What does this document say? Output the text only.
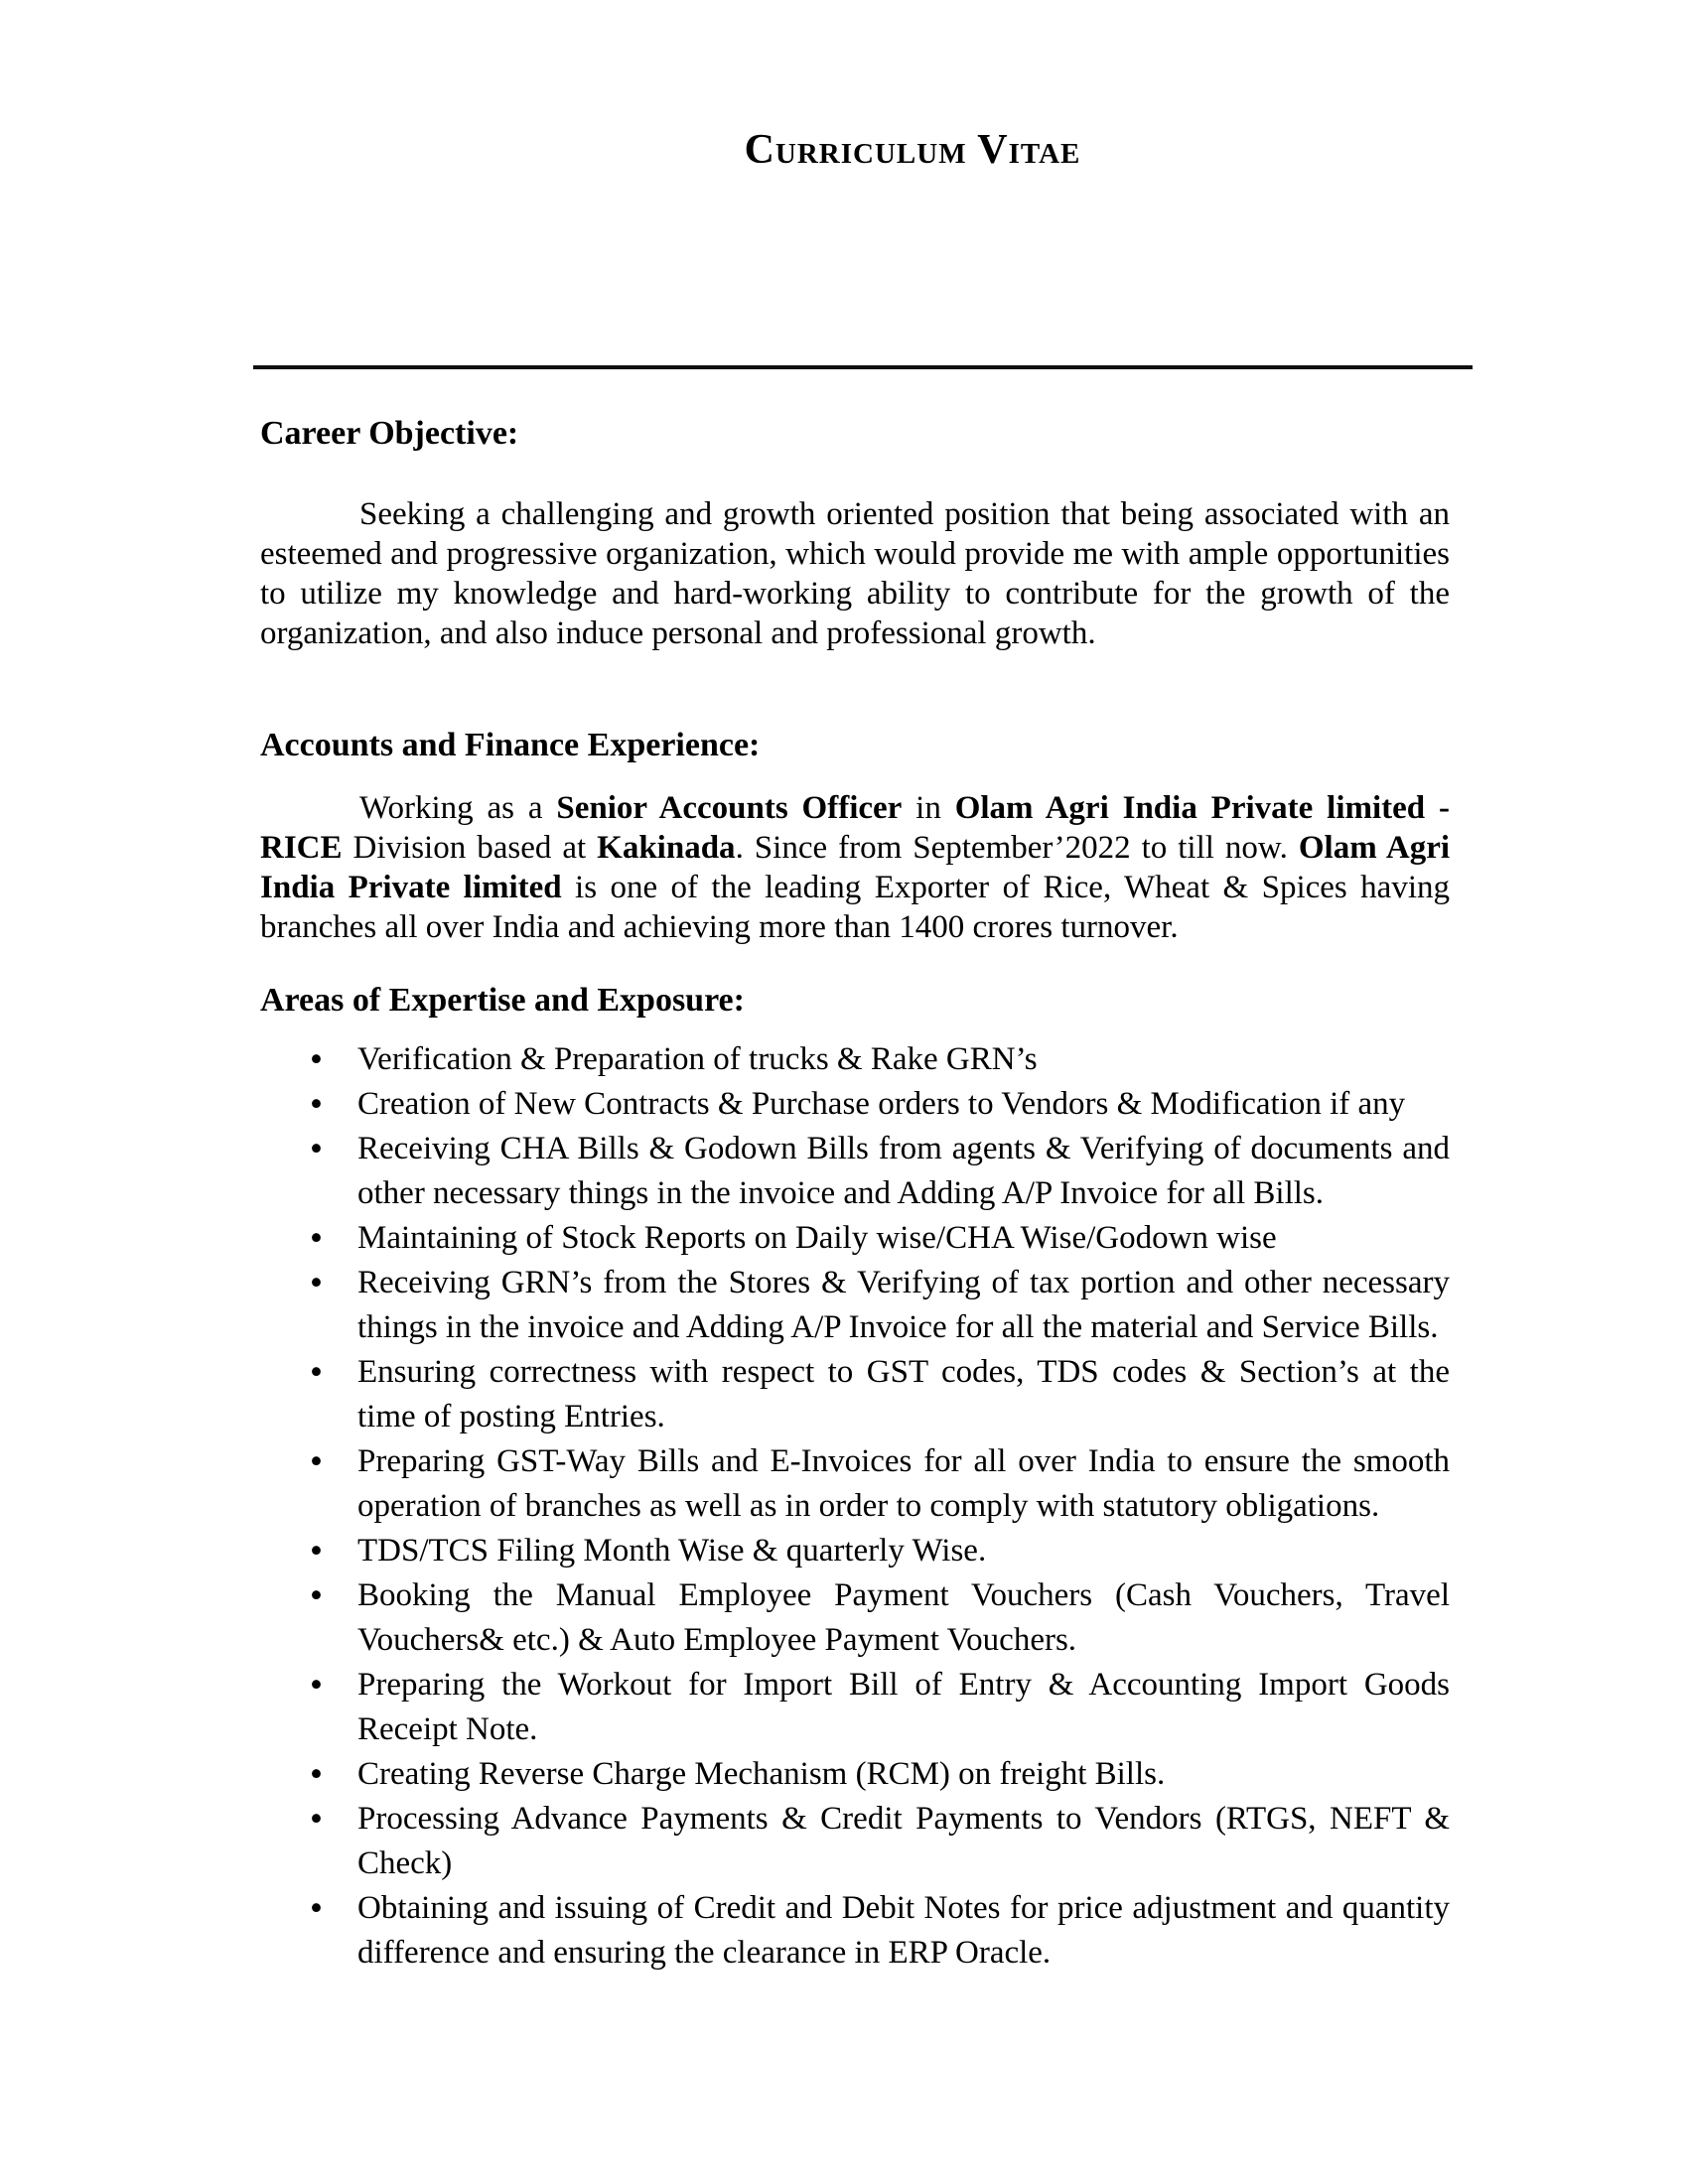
Curriculum Vitae
Career Objective:

Seeking a challenging and growth oriented position that being associated with an esteemed and progressive organization, which would provide me with ample opportunities to utilize my knowledge and hard-working ability to contribute for the growth of the organization, and also induce personal and professional growth.

Accounts and Finance Experience:

Working as a Senior Accounts Officer in Olam Agri India Private limited - RICE Division based at Kakinada. Since from September’2022 to till now. Olam Agri India Private limited is one of the leading Exporter of Rice, Wheat & Spices having branches all over India and achieving more than 1400 crores turnover.

Areas of Expertise and Exposure:
• Verification & Preparation of trucks & Rake GRN’s
• Creation of New Contracts & Purchase orders to Vendors & Modification if any
• Receiving CHA Bills & Godown Bills from agents & Verifying of documents and other necessary things in the invoice and Adding A/P Invoice for all Bills.
• Maintaining of Stock Reports on Daily wise/CHA Wise/Godown wise
• Receiving GRN’s from the Stores & Verifying of tax portion and other necessary things in the invoice and Adding A/P Invoice for all the material and Service Bills.
• Ensuring correctness with respect to GST codes, TDS codes & Section’s at the time of posting Entries.
• Preparing GST-Way Bills and E-Invoices for all over India to ensure the smooth operation of branches as well as in order to comply with statutory obligations.
• TDS/TCS Filing Month Wise & quarterly Wise.
• Booking the Manual Employee Payment Vouchers (Cash Vouchers, Travel Vouchers& etc.) & Auto Employee Payment Vouchers.
• Preparing the Workout for Import Bill of Entry & Accounting Import Goods Receipt Note.
• Creating Reverse Charge Mechanism (RCM) on freight Bills.
• Processing Advance Payments & Credit Payments to Vendors (RTGS, NEFT & Check)
• Obtaining and issuing of Credit and Debit Notes for price adjustment and quantity difference and ensuring the clearance in ERP Oracle.
